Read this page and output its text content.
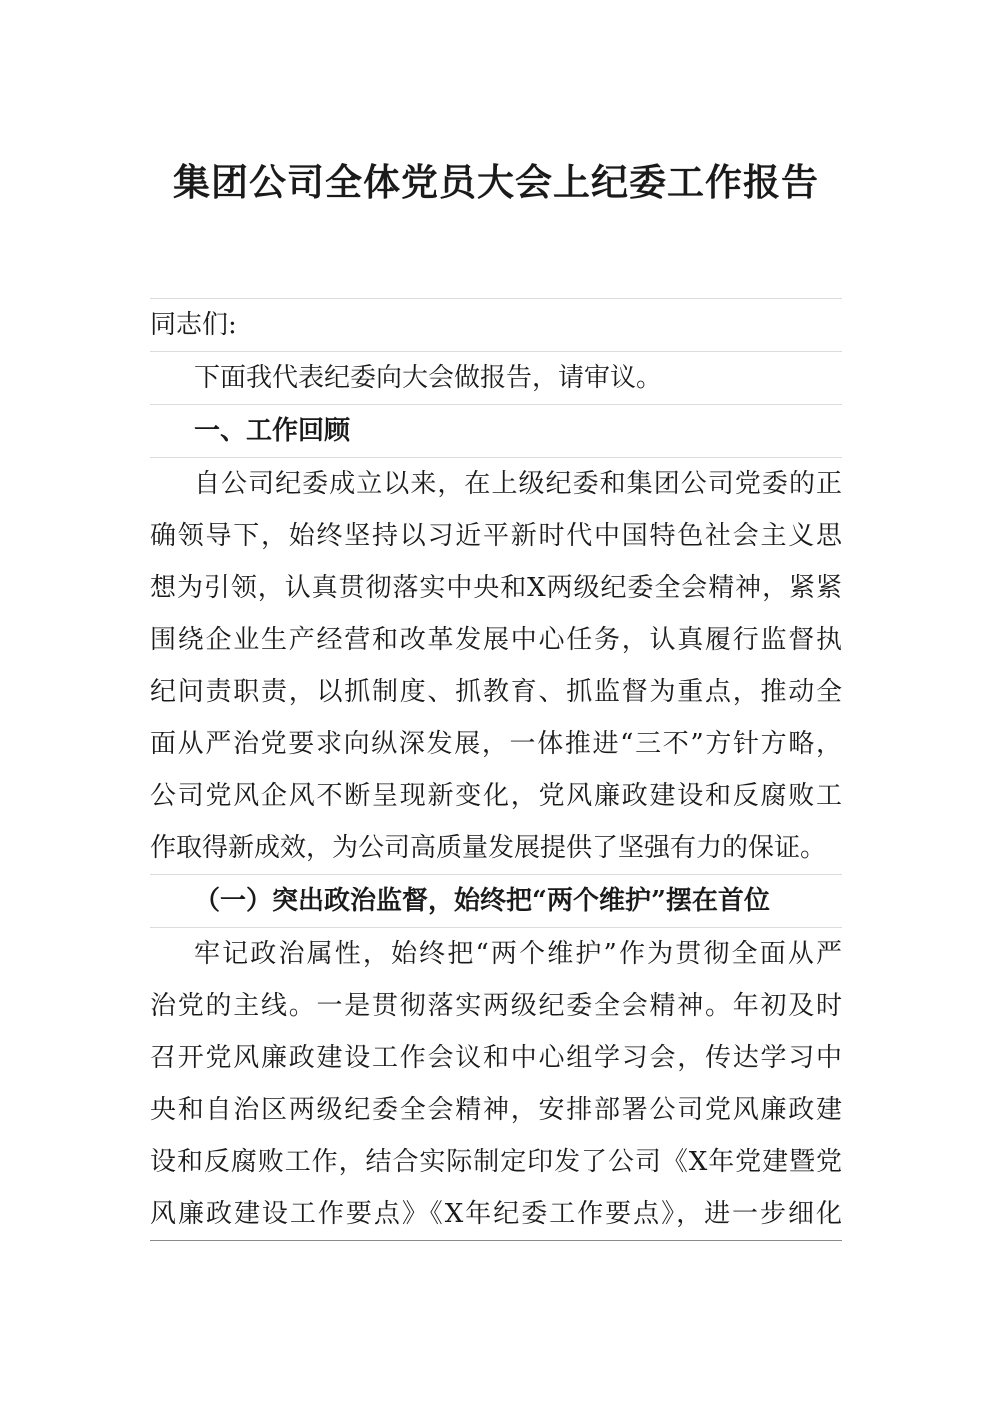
集团公司全体党员大会上纪委工作报告
同志们:
下面我代表纪委向大会做报告，请审议。
一、工作回顾
自公司纪委成立以来，在上级纪委和集团公司党委的正
确领导下，始终坚持以习近平新时代中国特色社会主义思
想为引领，认真贯彻落实中央和X两级纪委全会精神，紧紧
围绕企业生产经营和改革发展中心任务，认真履行监督执
纪问责职责，以抓制度、抓教育、抓监督为重点，推动全
面从严治党要求向纵深发展，一体推进“三不”方针方略，
公司党风企风不断呈现新变化，党风廉政建设和反腐败工
作取得新成效，为公司高质量发展提供了坚强有力的保证。
（一）突出政治监督，始终把“两个维护”摆在首位
牢记政治属性，始终把“两个维护”作为贯彻全面从严
治党的主线。一是贯彻落实两级纪委全会精神。年初及时
召开党风廉政建设工作会议和中心组学习会，传达学习中
央和自治区两级纪委全会精神，安排部署公司党风廉政建
设和反腐败工作，结合实际制定印发了公司《X年党建暨党
风廉政建设工作要点》《X年纪委工作要点》，进一步细化
